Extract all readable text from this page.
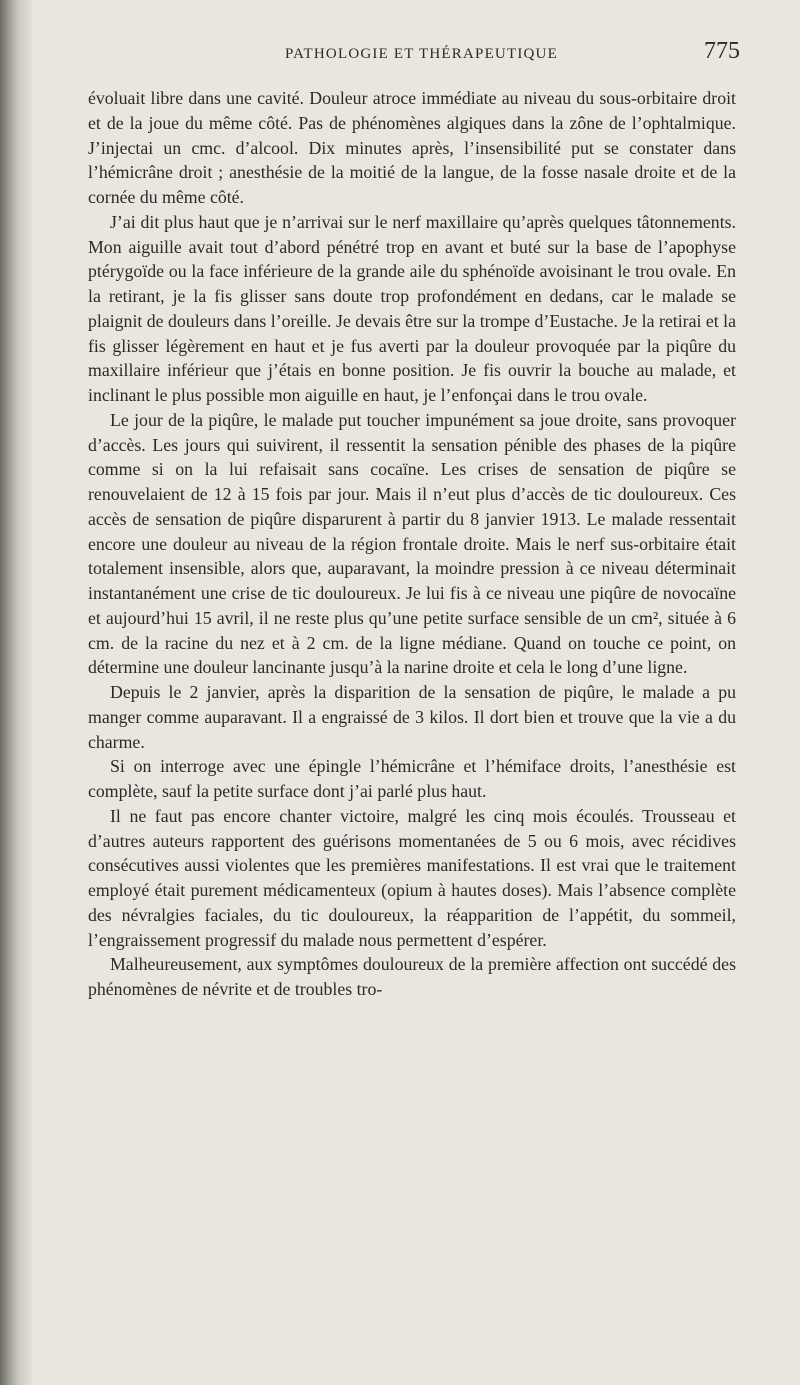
PATHOLOGIE ET THÉRAPEUTIQUE	775

évoluait libre dans une cavité. Douleur atroce immédiate au niveau du sous-orbitaire droit et de la joue du même côté. Pas de phénomènes algiques dans la zône de l’ophtalmique. J’injectai un cmc. d’alcool. Dix minutes après, l’insensibilité put se constater dans l’hémicrâne droit ; anesthésie de la moitié de la langue, de la fosse nasale droite et de la cornée du même côté.

J’ai dit plus haut que je n’arrivai sur le nerf maxillaire qu’après quelques tâtonnements. Mon aiguille avait tout d’abord pénétré trop en avant et buté sur la base de l’apophyse ptérygoïde ou la face inférieure de la grande aile du sphénoïde avoisinant le trou ovale. En la retirant, je la fis glisser sans doute trop profondément en dedans, car le malade se plaignit de douleurs dans l’oreille. Je devais être sur la trompe d’Eustache. Je la retirai et la fis glisser légèrement en haut et je fus averti par la douleur provoquée par la piqûre du maxillaire inférieur que j’étais en bonne position. Je fis ouvrir la bouche au malade, et inclinant le plus possible mon aiguille en haut, je l’enfonçai dans le trou ovale.

Le jour de la piqûre, le malade put toucher impunément sa joue droite, sans provoquer d’accès. Les jours qui suivirent, il ressentit la sensation pénible des phases de la piqûre comme si on la lui refaisait sans cocaïne. Les crises de sensation de piqûre se renouvelaient de 12 à 15 fois par jour. Mais il n’eut plus d’accès de tic douloureux. Ces accès de sensation de piqûre disparurent à partir du 8 janvier 1913. Le malade ressentait encore une douleur au niveau de la région frontale droite. Mais le nerf sus-orbitaire était totalement insensible, alors que, auparavant, la moindre pression à ce niveau déterminait instantanément une crise de tic douloureux. Je lui fis à ce niveau une piqûre de novocaïne et aujourd’hui 15 avril, il ne reste plus qu’une petite surface sensible de un cm², située à 6 cm. de la racine du nez et à 2 cm. de la ligne médiane. Quand on touche ce point, on détermine une douleur lancinante jusqu’à la narine droite et cela le long d’une ligne.

Depuis le 2 janvier, après la disparition de la sensation de piqûre, le malade a pu manger comme auparavant. Il a engraissé de 3 kilos. Il dort bien et trouve que la vie a du charme.

Si on interroge avec une épingle l’hémicrâne et l’hémiface droits, l’anesthésie est complète, sauf la petite surface dont j’ai parlé plus haut.

Il ne faut pas encore chanter victoire, malgré les cinq mois écoulés. Trousseau et d’autres auteurs rapportent des guérisons momentanées de 5 ou 6 mois, avec récidives consécutives aussi violentes que les premières manifestations. Il est vrai que le traitement employé était purement médicamenteux (opium à hautes doses). Mais l’absence complète des névralgies faciales, du tic douloureux, la réapparition de l’appétit, du sommeil, l’engraissement progressif du malade nous permettent d’espérer.

Malheureusement, aux symptômes douloureux de la première affection ont succédé des phénomènes de névrite et de troubles tro-
